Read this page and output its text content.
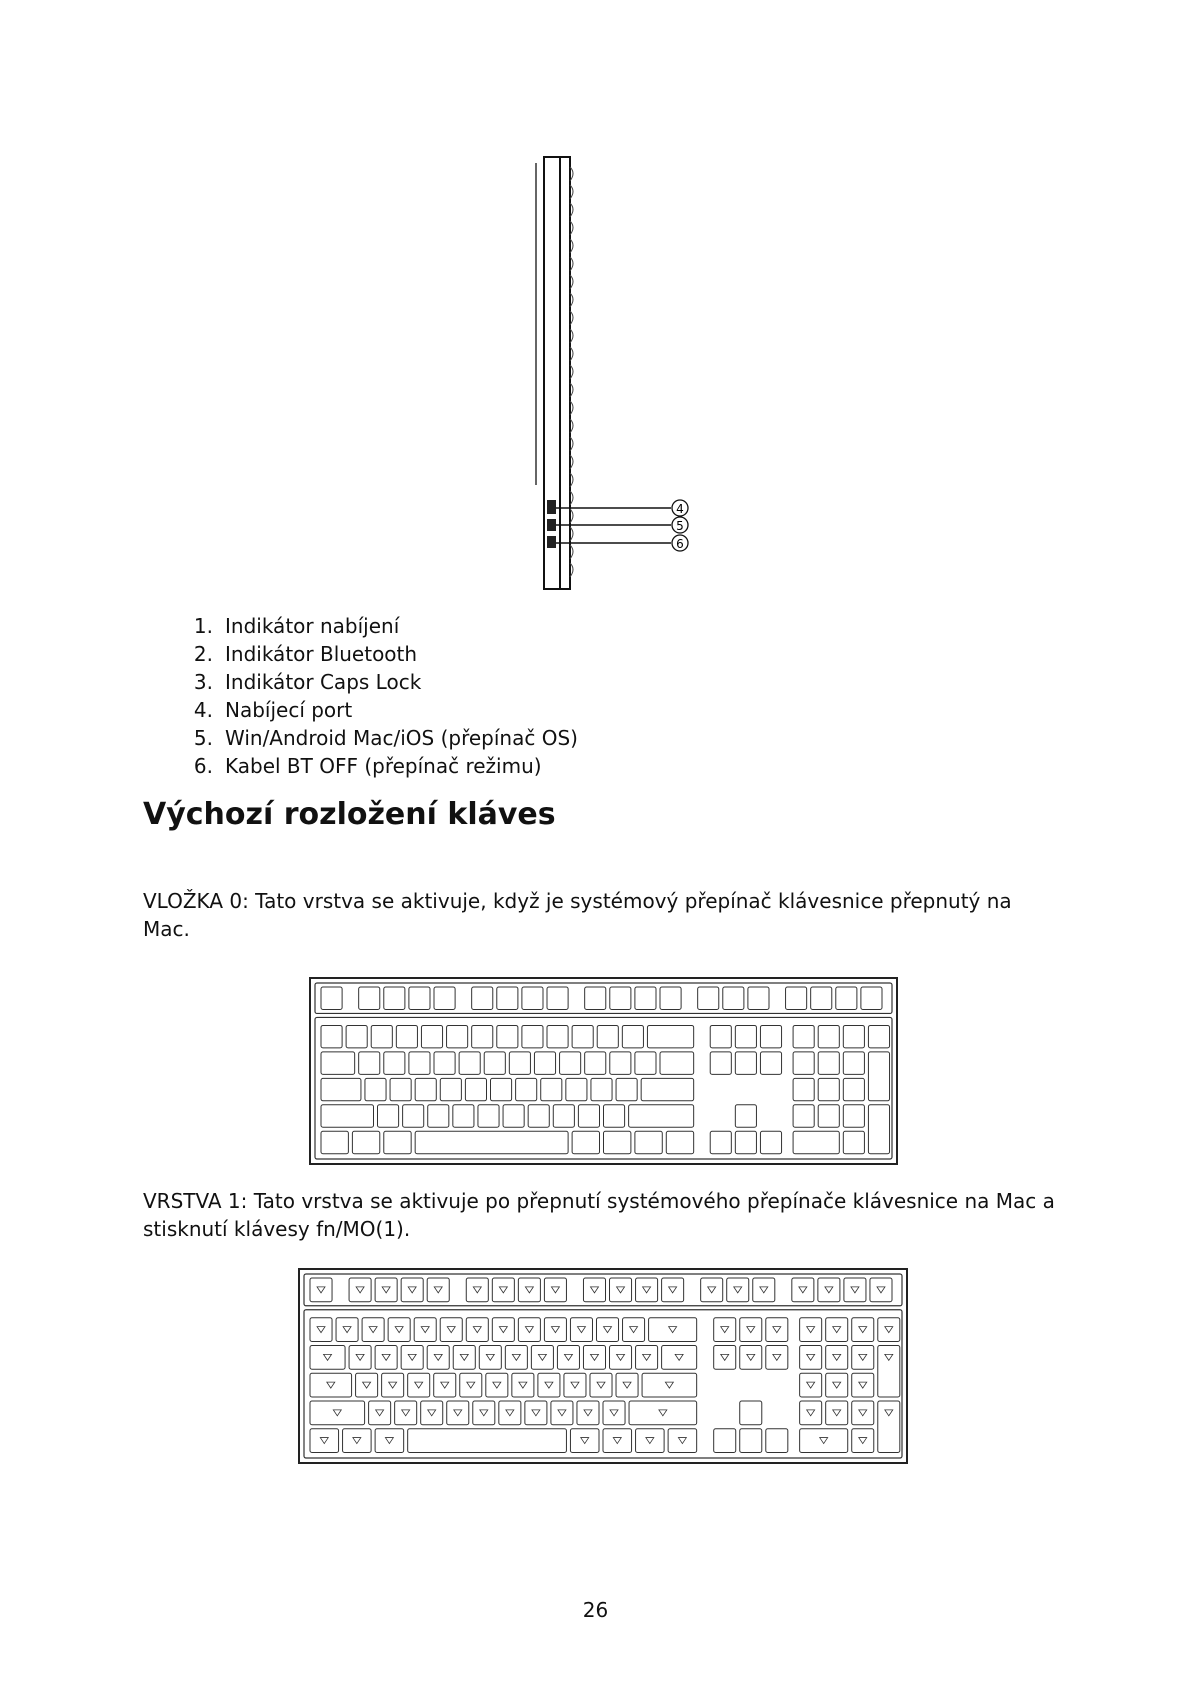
4
5
6
1. Indikátor nabíjení
2. Indikátor Bluetooth
3. Indikátor Caps Lock
4. Nabíjecí port
5. Win/Android Mac/iOS (přepínač OS)
6. Kabel BT OFF (přepínač režimu)
Výchozí rozložení kláves

VLOŽKA 0: Tato vrstva se aktivuje, když je systémový přepínač klávesnice přepnutý na Mac.

VRSTVA 1: Tato vrstva se aktivuje po přepnutí systémového přepínače klávesnice na Mac a stisknutí klávesy fn/MO(1).

26
